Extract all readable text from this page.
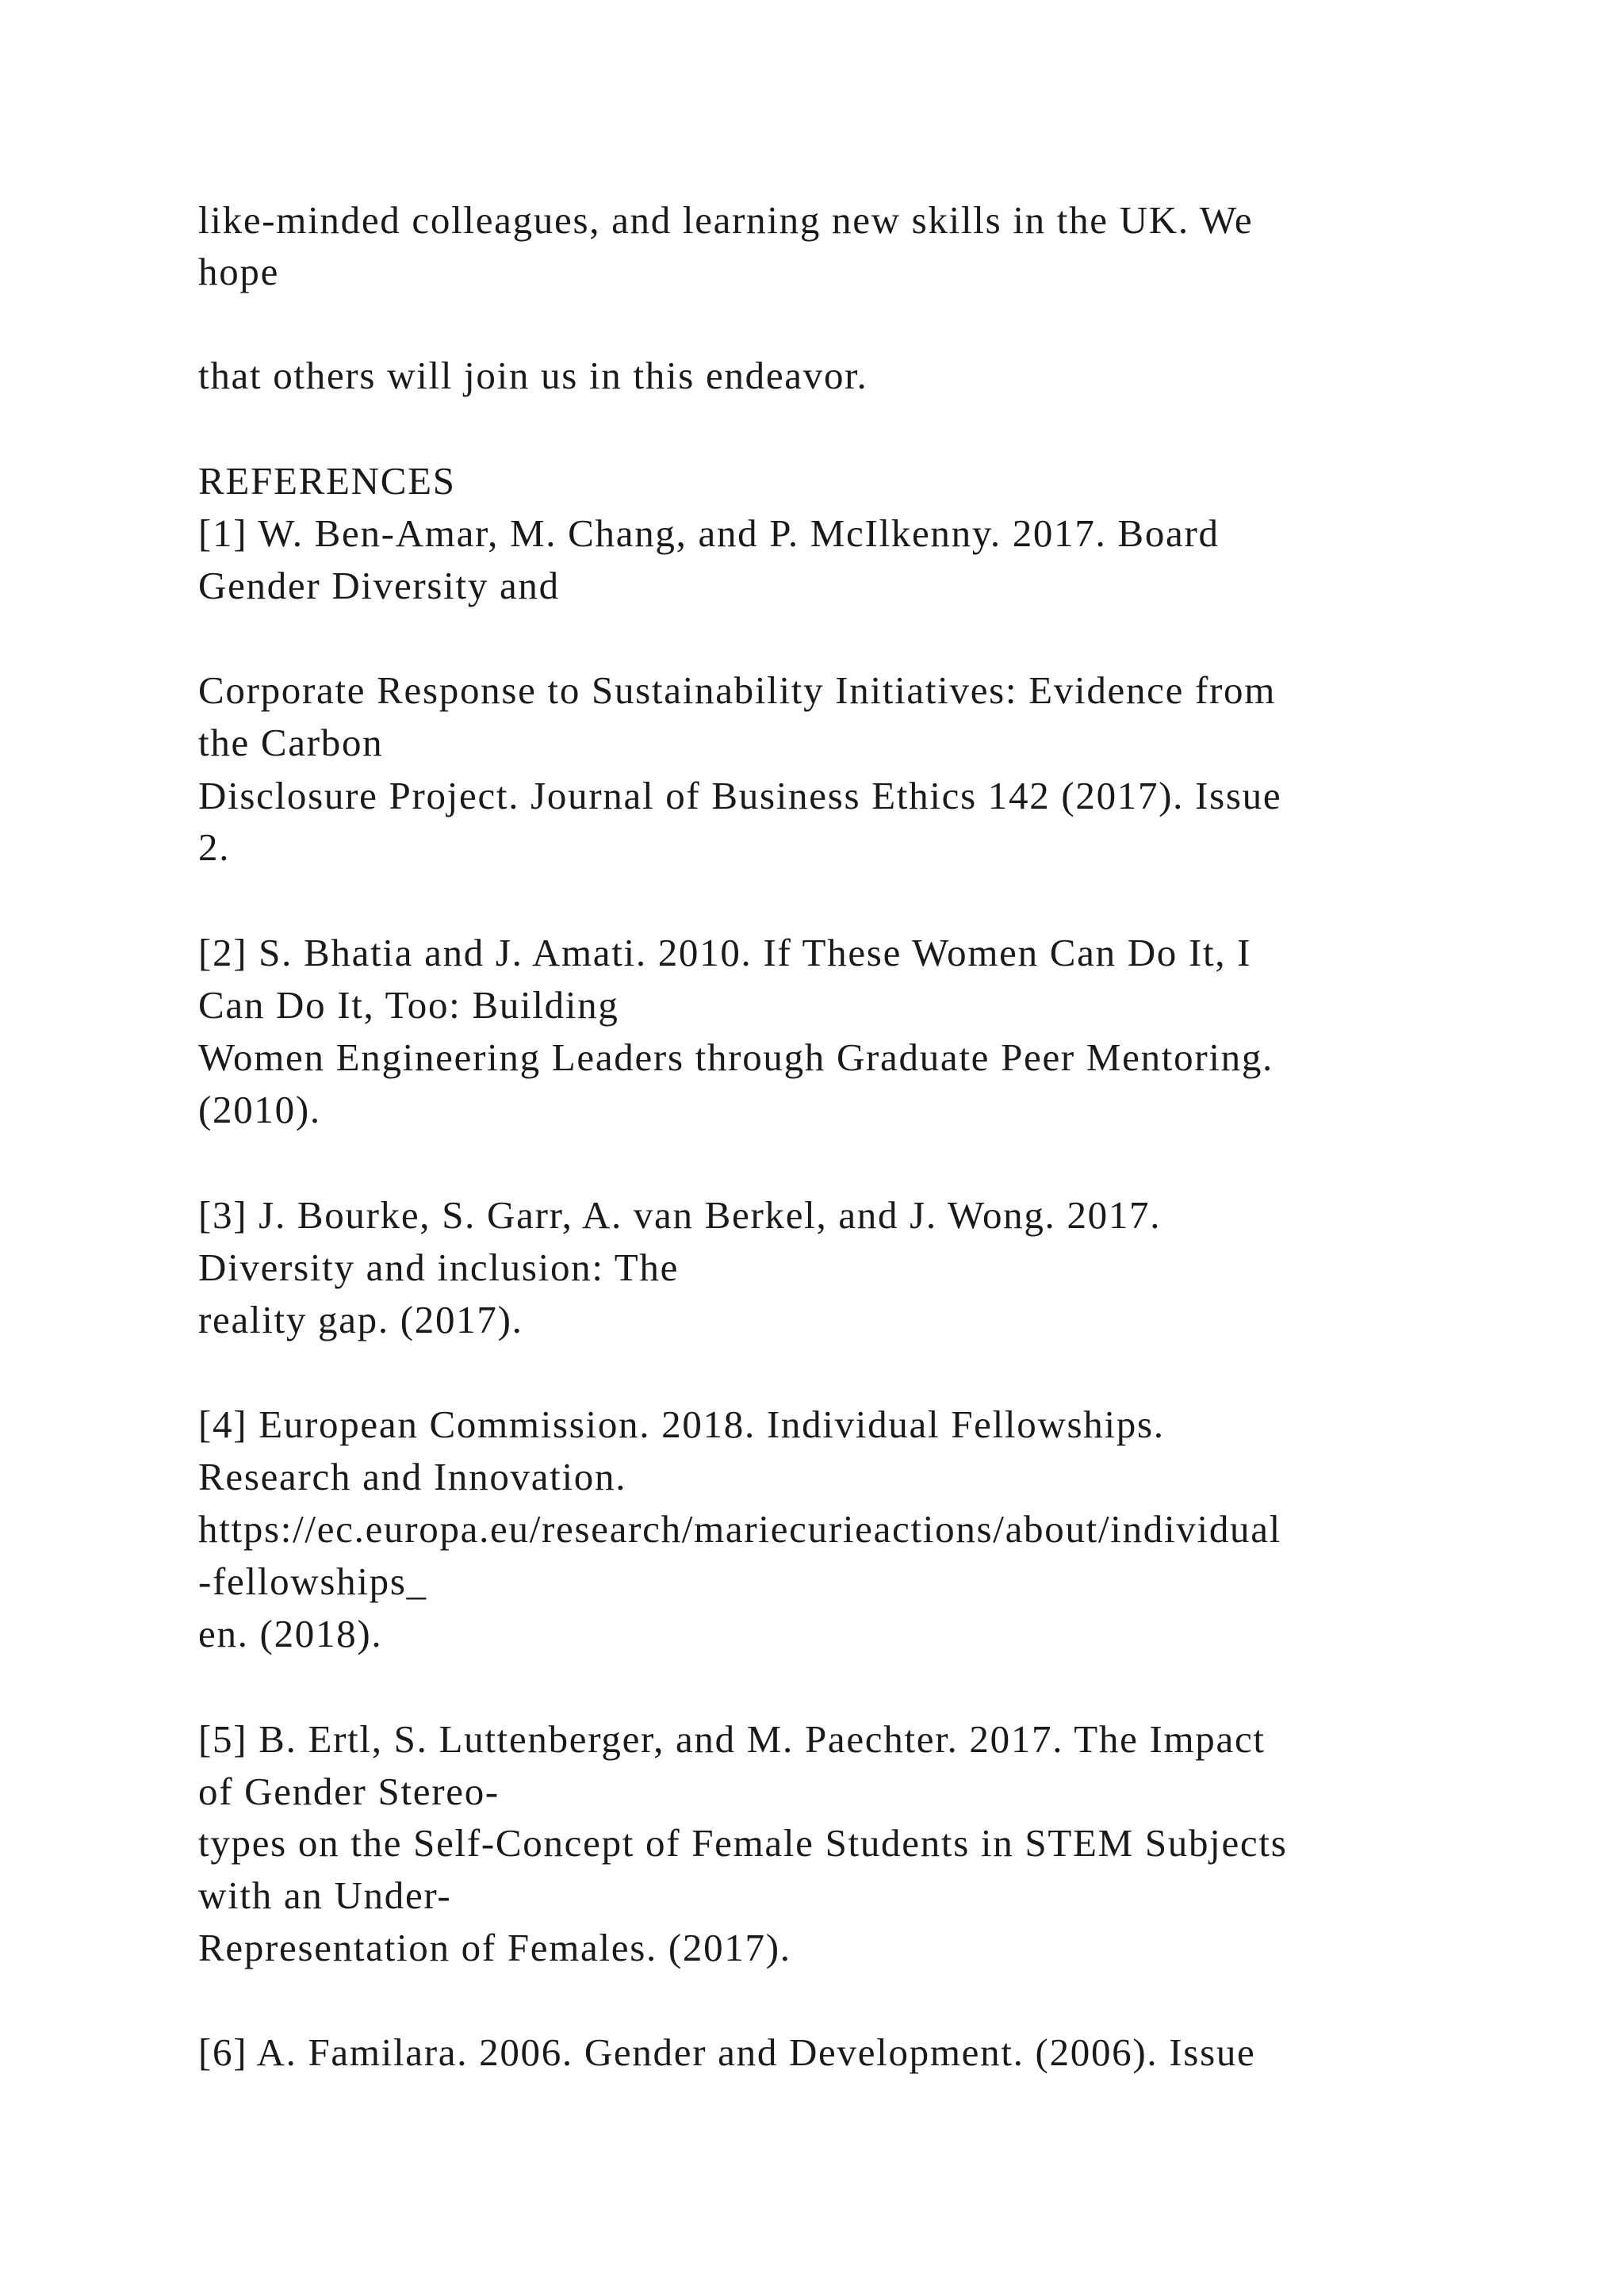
like-minded colleagues, and learning new skills in the UK. We

hope

that others will join us in this endeavor.

REFERENCES

[1] W. Ben-Amar, M. Chang, and P. McIlkenny. 2017. Board

Gender Diversity and

Corporate Response to Sustainability Initiatives: Evidence from

the Carbon

Disclosure Project. Journal of Business Ethics 142 (2017). Issue

2.

[2] S. Bhatia and J. Amati. 2010. If These Women Can Do It, I

Can Do It, Too: Building

Women Engineering Leaders through Graduate Peer Mentoring.

(2010).

[3] J. Bourke, S. Garr, A. van Berkel, and J. Wong. 2017.

Diversity and inclusion: The

reality gap. (2017).

[4] European Commission. 2018. Individual Fellowships.

Research and Innovation.

https://ec.europa.eu/research/mariecurieactions/about/individual

-fellowships_

en. (2018).

[5] B. Ertl, S. Luttenberger, and M. Paechter. 2017. The Impact

of Gender Stereo-

types on the Self-Concept of Female Students in STEM Subjects

with an Under-

Representation of Females. (2017).

[6] A. Familara. 2006. Gender and Development. (2006). Issue
